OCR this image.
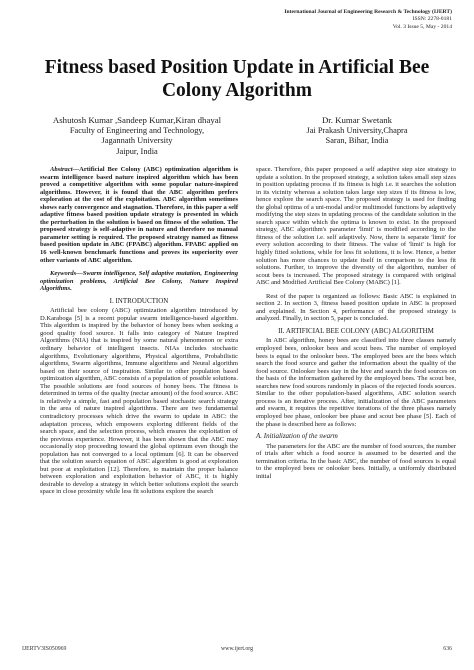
International Journal of Engineering Research & Technology (IJERT)
ISSN: 2278-0181
Vol. 3 Issue 5, May - 2014
Fitness based Position Update in Artificial Bee Colony Algorithm
Ashutosh Kumar ,Sandeep Kumar,Kiran dhayal
Faculty of Engineering and Technology,
Jagannath University
Jaipur, India
Dr. Kumar Swetank
Jai Prakash University,Chapra
Saran, Bihar, India

Abstract—Artificial Bee Colony (ABC) optimization algorithm is swarm intelligence based nature inspired algorithm which has been proved a competitive algorithm with some popular nature-inspired algorithms. However, it is found that the ABC algorithm prefers exploration at the cost of the exploitation. ABC algorithm sometimes shows early convergence and stagnation. Therefore, in this paper a self adaptive fitness based position update strategy is presented in which the perturbation in the solution is based on fitness of the solution. The proposed strategy is self-adaptive in nature and therefore no manual parameter setting is required. The proposed strategy named as fitness based position update in ABC (FPABC) algorithm. FPABC applied on 16 well-known benchmark functions and proves its superiority over other variants of ABC algorithm.

Keywords—Swarm intelligence, Self adaptive mutation, Engineering optimization problems, Artificial Bee Colony, Nature Inspired Algorithms.

I. INTRODUCTION

Artificial bee colony (ABC) optimization algorithm introduced by D.Karaboga [5] is a recent popular swarm intelligence-based algorithm. This algorithm is inspired by the behavior of honey bees when seeking a good quality food source. It falls into category of Nature Inspired Algorithms (NIA) that is inspired by some natural phenomenon or extra ordinary behavior of intelligent insects. NIAs includes stochastic algorithms, Evolutionary algorithms, Physical algorithms, Probabilistic algorithms, Swarm algorithms, Immune algorithms and Neural algorithm based on their source of inspiration. Similar to other population based optimization algorithm, ABC consists of a population of possible solutions. The possible solutions are food sources of honey bees. The fitness is determined in terms of the quality (nectar amount) of the food source. ABC is relatively a simple, fast and population based stochastic search strategy in the area of nature inspired algorithms. There are two fundamental contradictory processes which drive the swarm to update in ABC: the adaptation process, which empowers exploring different fields of the search space, and the selection process, which ensures the exploitation of the previous experience. However, it has been shown that the ABC may occasionally stop proceeding toward the global optimum even though the population has not converged to a local optimum [6]. It can be observed that the solution search equation of ABC algorithm is good at exploration but poor at exploitation [12]. Therefore, to maintain the proper balance between exploration and exploitation behavior of ABC, it is highly desirable to develop a strategy in which better solutions exploit the search space in close proximity while less fit solutions explore the search

space. Therefore, this paper proposed a self adaptive step size strategy to update a solution. In the proposed strategy, a solution takes small step sizes in position updating process if its fitness is high i.e. it searches the solution in its vicinity whereas a solution takes large step sizes if its fitness is low, hence explore the search space. The proposed strategy is used for finding the global optima of a uni-modal and/or multimodel functions by adaptively modifying the step sizes in updating process of the candidate solution in the search space within which the optima is known to exist. In the proposed strategy, ABC algorithm's parameter 'limit' is modified according to the fitness of the solution i.e. self adaptively. Now, there is separate 'limit' for every solution according to their fitness. The value of 'limit' is high for highly fitted solutions, while for less fit solutions, it is low. Hence, a better solution has more chances to update itself in comparison to the less fit solutions. Further, to improve the diversity of the algorithm, number of scout bees is increased. The proposed strategy is compared with original ABC and Modified Artificial Bee Colony (MABC) [1].

Rest of the paper is organized as follows: Basic ABC is explained in section 2. In section 3, fitness based position update in ABC is proposed and explained. In Section 4, performance of the proposed strategy is analyzed. Finally, in section 5, paper is concluded.

II. ARTIFICIAL BEE COLONY (ABC) ALGORITHM

In ABC algorithm, honey bees are classified into three classes namely employed bees, onlooker bees and scout bees. The number of employed bees is equal to the onlooker bees. The employed bees are the bees which search the food source and gather the information about the quality of the food source. Onlooker bees stay in the hive and search the food sources on the basis of the information gathered by the employed bees. The scout bee, searches new food sources randomly in places of the rejected foods sources. Similar to the other population-based algorithms, ABC solution search process is an iterative process. After, initialization of the ABC parameters and swarm, it requires the repetitive iterations of the three phases namely employed bee phase, onlooker bee phase and scout bee phase [5]. Each of the phase is described here as follows:

A. Initialization of the swarm

The parameters for the ABC are the number of food sources, the number of trials after which a food source is assumed to be deserted and the termination criteria. In the basic ABC, the number of food sources is equal to the employed bees or onlooker bees. Initially, a uniformly distributed initial

IJERTV3IS050969	www.ijert.org	636
